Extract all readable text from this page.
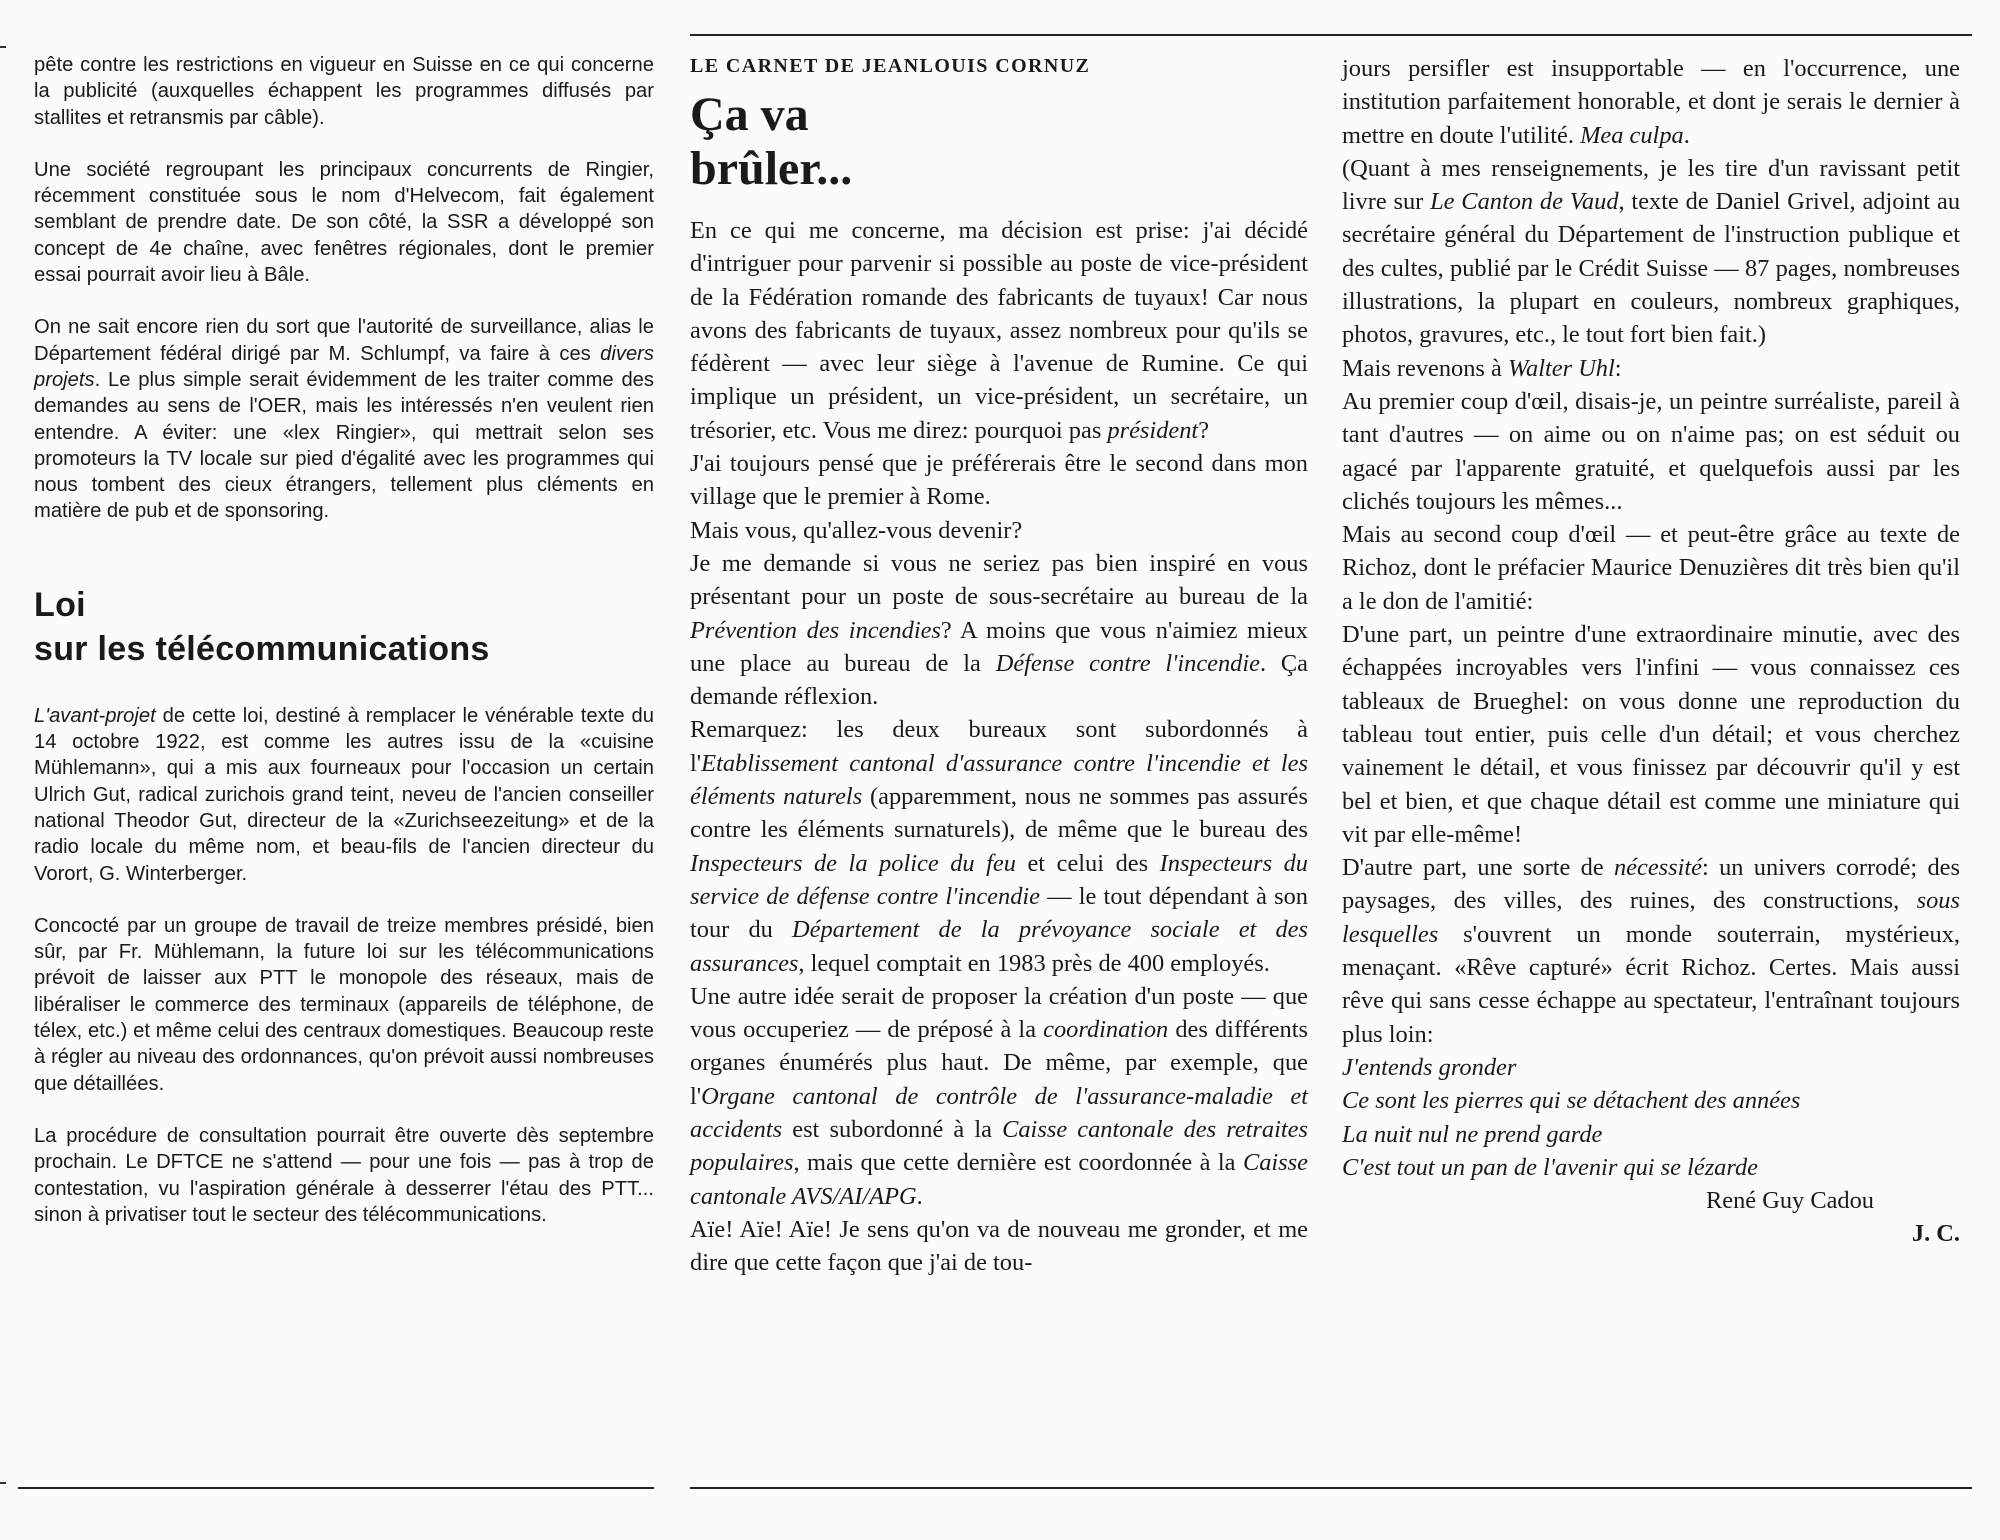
pête contre les restrictions en vigueur en Suisse en ce qui concerne la publicité (auxquelles échappent les programmes diffusés par stallites et retransmis par câble).

Une société regroupant les principaux concurrents de Ringier, récemment constituée sous le nom d'Helvecom, fait également semblant de prendre date. De son côté, la SSR a développé son concept de 4e chaîne, avec fenêtres régionales, dont le premier essai pourrait avoir lieu à Bâle.

On ne sait encore rien du sort que l'autorité de surveillance, alias le Département fédéral dirigé par M. Schlumpf, va faire à ces divers projets. Le plus simple serait évidemment de les traiter comme des demandes au sens de l'OER, mais les intéressés n'en veulent rien entendre. A éviter: une «lex Ringier», qui mettrait selon ses promoteurs la TV locale sur pied d'égalité avec les programmes qui nous tombent des cieux étrangers, tellement plus cléments en matière de pub et de sponsoring.

Loi
sur les télécommunications

L'avant-projet de cette loi, destiné à remplacer le vénérable texte du 14 octobre 1922, est comme les autres issu de la «cuisine Mühlemann», qui a mis aux fourneaux pour l'occasion un certain Ulrich Gut, radical zurichois grand teint, neveu de l'ancien conseiller national Theodor Gut, directeur de la «Zurichseezeitung» et de la radio locale du même nom, et beau-fils de l'ancien directeur du Vorort, G. Winterberger.

Concocté par un groupe de travail de treize membres présidé, bien sûr, par Fr. Mühlemann, la future loi sur les télécommunications prévoit de laisser aux PTT le monopole des réseaux, mais de libéraliser le commerce des terminaux (appareils de téléphone, de télex, etc.) et même celui des centraux domestiques. Beaucoup reste à régler au niveau des ordonnances, qu'on prévoit aussi nombreuses que détaillées.

La procédure de consultation pourrait être ouverte dès septembre prochain. Le DFTCE ne s'attend — pour une fois — pas à trop de contestation, vu l'aspiration générale à desserrer l'étau des PTT... sinon à privatiser tout le secteur des télécommunications.

LE CARNET DE JEANLOUIS CORNUZ
Ça va
brûler...

En ce qui me concerne, ma décision est prise: j'ai décidé d'intriguer pour parvenir si possible au poste de vice-président de la Fédération romande des fabricants de tuyaux! Car nous avons des fabricants de tuyaux, assez nombreux pour qu'ils se fédèrent — avec leur siège à l'avenue de Rumine. Ce qui implique un président, un vice-président, un secrétaire, un trésorier, etc. Vous me direz: pourquoi pas président?

J'ai toujours pensé que je préférerais être le second dans mon village que le premier à Rome.

Mais vous, qu'allez-vous devenir?

Je me demande si vous ne seriez pas bien inspiré en vous présentant pour un poste de sous-secrétaire au bureau de la Prévention des incendies? A moins que vous n'aimiez mieux une place au bureau de la Défense contre l'incendie. Ça demande réflexion.

Remarquez: les deux bureaux sont subordonnés à l'Etablissement cantonal d'assurance contre l'incendie et les éléments naturels (apparemment, nous ne sommes pas assurés contre les éléments surnaturels), de même que le bureau des Inspecteurs de la police du feu et celui des Inspecteurs du service de défense contre l'incendie — le tout dépendant à son tour du Département de la prévoyance sociale et des assurances, lequel comptait en 1983 près de 400 employés.

Une autre idée serait de proposer la création d'un poste — que vous occuperiez — de préposé à la coordination des différents organes énumérés plus haut. De même, par exemple, que l'Organe cantonal de contrôle de l'assurance-maladie et accidents est subordonné à la Caisse cantonale des retraites populaires, mais que cette dernière est coordonnée à la Caisse cantonale AVS/AI/APG.

Aïe! Aïe! Aïe! Je sens qu'on va de nouveau me gronder, et me dire que cette façon que j'ai de tou-

jours persifler est insupportable — en l'occurrence, une institution parfaitement honorable, et dont je serais le dernier à mettre en doute l'utilité. Mea culpa.

(Quant à mes renseignements, je les tire d'un ravissant petit livre sur Le Canton de Vaud, texte de Daniel Grivel, adjoint au secrétaire général du Département de l'instruction publique et des cultes, publié par le Crédit Suisse — 87 pages, nombreuses illustrations, la plupart en couleurs, nombreux graphiques, photos, gravures, etc., le tout fort bien fait.)

Mais revenons à Walter Uhl:

Au premier coup d'œil, disais-je, un peintre surréaliste, pareil à tant d'autres — on aime ou on n'aime pas; on est séduit ou agacé par l'apparente gratuité, et quelquefois aussi par les clichés toujours les mêmes...

Mais au second coup d'œil — et peut-être grâce au texte de Richoz, dont le préfacier Maurice Denuzières dit très bien qu'il a le don de l'amitié:

D'une part, un peintre d'une extraordinaire minutie, avec des échappées incroyables vers l'infini — vous connaissez ces tableaux de Brueghel: on vous donne une reproduction du tableau tout entier, puis celle d'un détail; et vous cherchez vainement le détail, et vous finissez par découvrir qu'il y est bel et bien, et que chaque détail est comme une miniature qui vit par elle-même!

D'autre part, une sorte de nécessité: un univers corrodé; des paysages, des villes, des ruines, des constructions, sous lesquelles s'ouvrent un monde souterrain, mystérieux, menaçant. «Rêve capturé» écrit Richoz. Certes. Mais aussi rêve qui sans cesse échappe au spectateur, l'entraînant toujours plus loin:

J'entends gronder

Ce sont les pierres qui se détachent des années

La nuit nul ne prend garde

C'est tout un pan de l'avenir qui se lézarde

René Guy Cadou

J. C.
